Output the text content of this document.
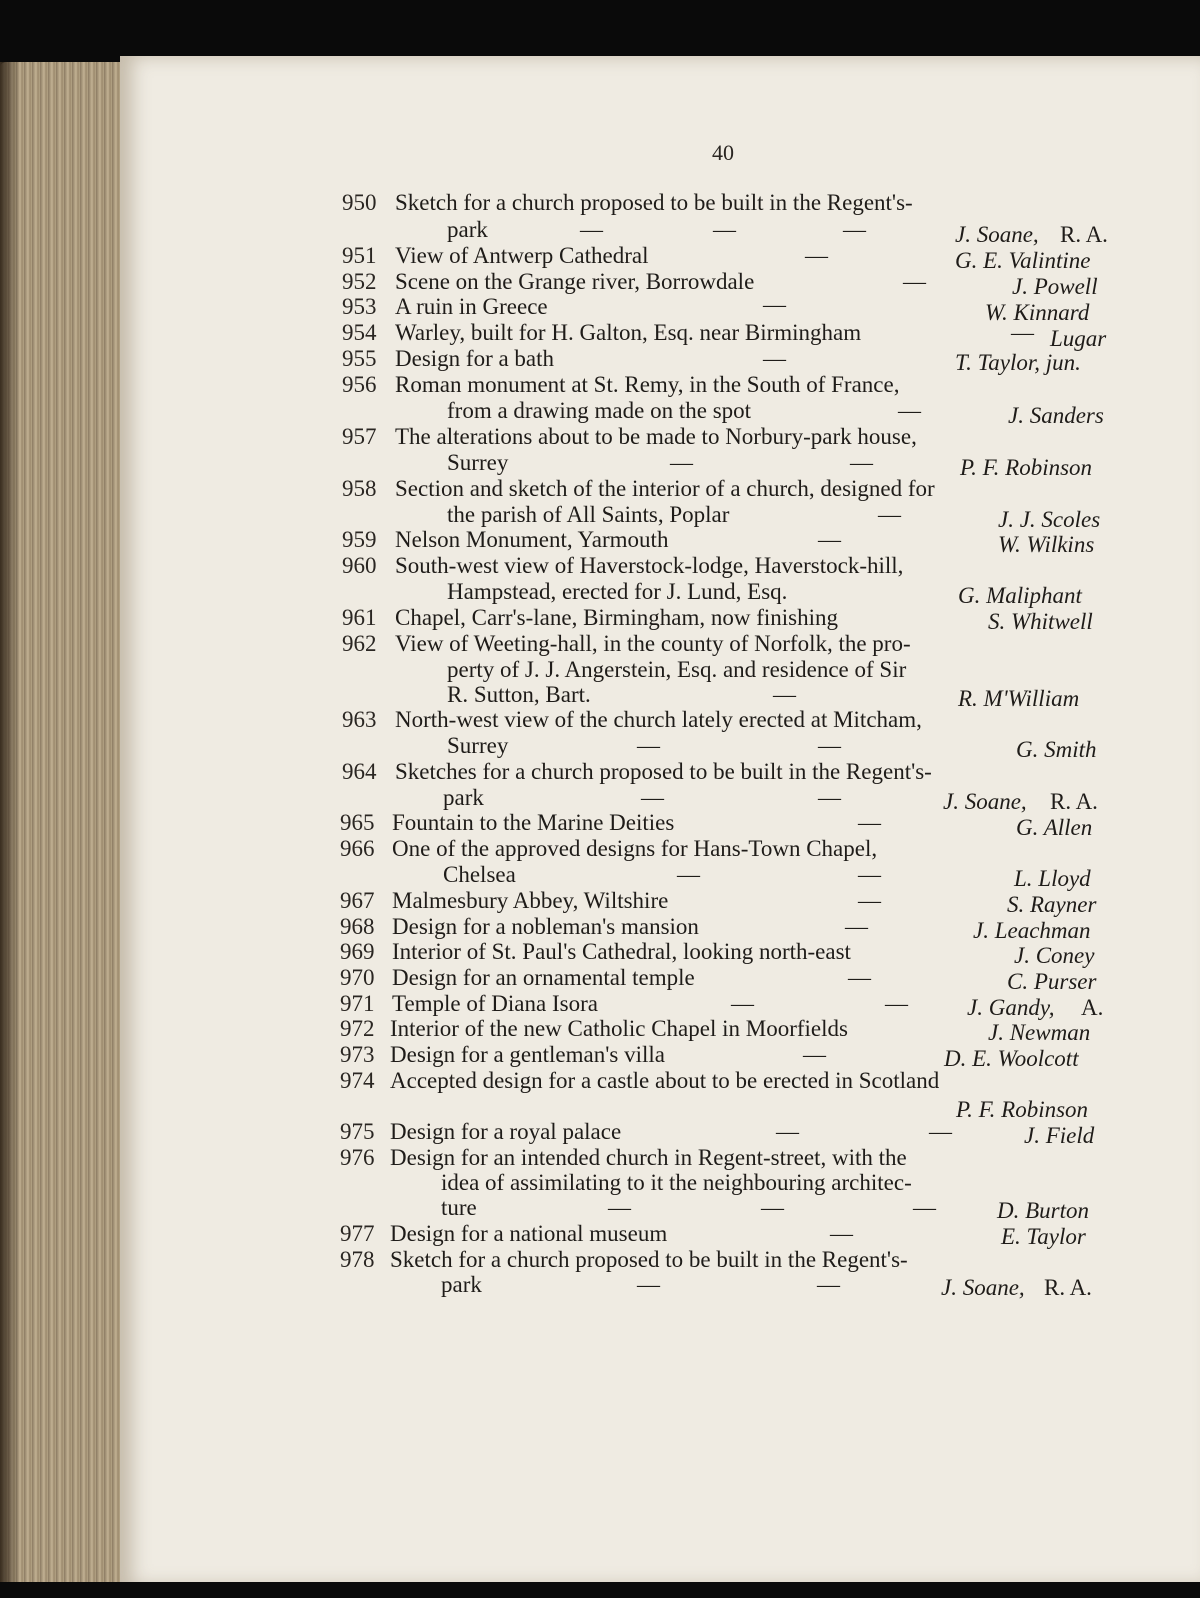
40
950 Sketch for a church proposed to be built in the Regent's-
park	—	—	—	J. Soane, R. A.
951 View of Antwerp Cathedral	—	G. E. Valintine
952 Scene on the Grange river, Borrowdale	—	J. Powell
953 A ruin in Greece	—	W. Kinnard
954 Warley, built for H. Galton, Esq. near Birmingham	— Lugar
955 Design for a bath	—	T. Taylor, jun.
956 Roman monument at St. Remy, in the South of France,
from a drawing made on the spot	—	J. Sanders
957 The alterations about to be made to Norbury-park house,
Surrey	—	—	P. F. Robinson
958 Section and sketch of the interior of a church, designed for
the parish of All Saints, Poplar	—	J. J. Scoles
959 Nelson Monument, Yarmouth	—	W. Wilkins
960 South-west view of Haverstock-lodge, Haverstock-hill,
Hampstead, erected for J. Lund, Esq.	G. Maliphant
961 Chapel, Carr's-lane, Birmingham, now finishing	S. Whitwell
962 View of Weeting-hall, in the county of Norfolk, the pro-
perty of J. J. Angerstein, Esq. and residence of Sir
R. Sutton, Bart.	—	R. M'William
963 North-west view of the church lately erected at Mitcham,
Surrey	—	—	G. Smith
964 Sketches for a church proposed to be built in the Regent's-
park	—	—	J. Soane, R. A.
965 Fountain to the Marine Deities	—	G. Allen
966 One of the approved designs for Hans-Town Chapel,
Chelsea	—	—	L. Lloyd
967 Malmesbury Abbey, Wiltshire	—	S. Rayner
968 Design for a nobleman's mansion	—	J. Leachman
969 Interior of St. Paul's Cathedral, looking north-east	J. Coney
970 Design for an ornamental temple	—	C. Purser
971 Temple of Diana Isora	—	—	J. Gandy, A.
972 Interior of the new Catholic Chapel in Moorfields	J. Newman
973 Design for a gentleman's villa	—	D. E. Woolcott
974 Accepted design for a castle about to be erected in Scotland
P. F. Robinson
975 Design for a royal palace	—	—	J. Field
976 Design for an intended church in Regent-street, with the
idea of assimilating to it the neighbouring architec-
ture	—	—	—	D. Burton
977 Design for a national museum	—	E. Taylor
978 Sketch for a church proposed to be built in the Regent's-
park	—	—	J. Soane, R. A.
